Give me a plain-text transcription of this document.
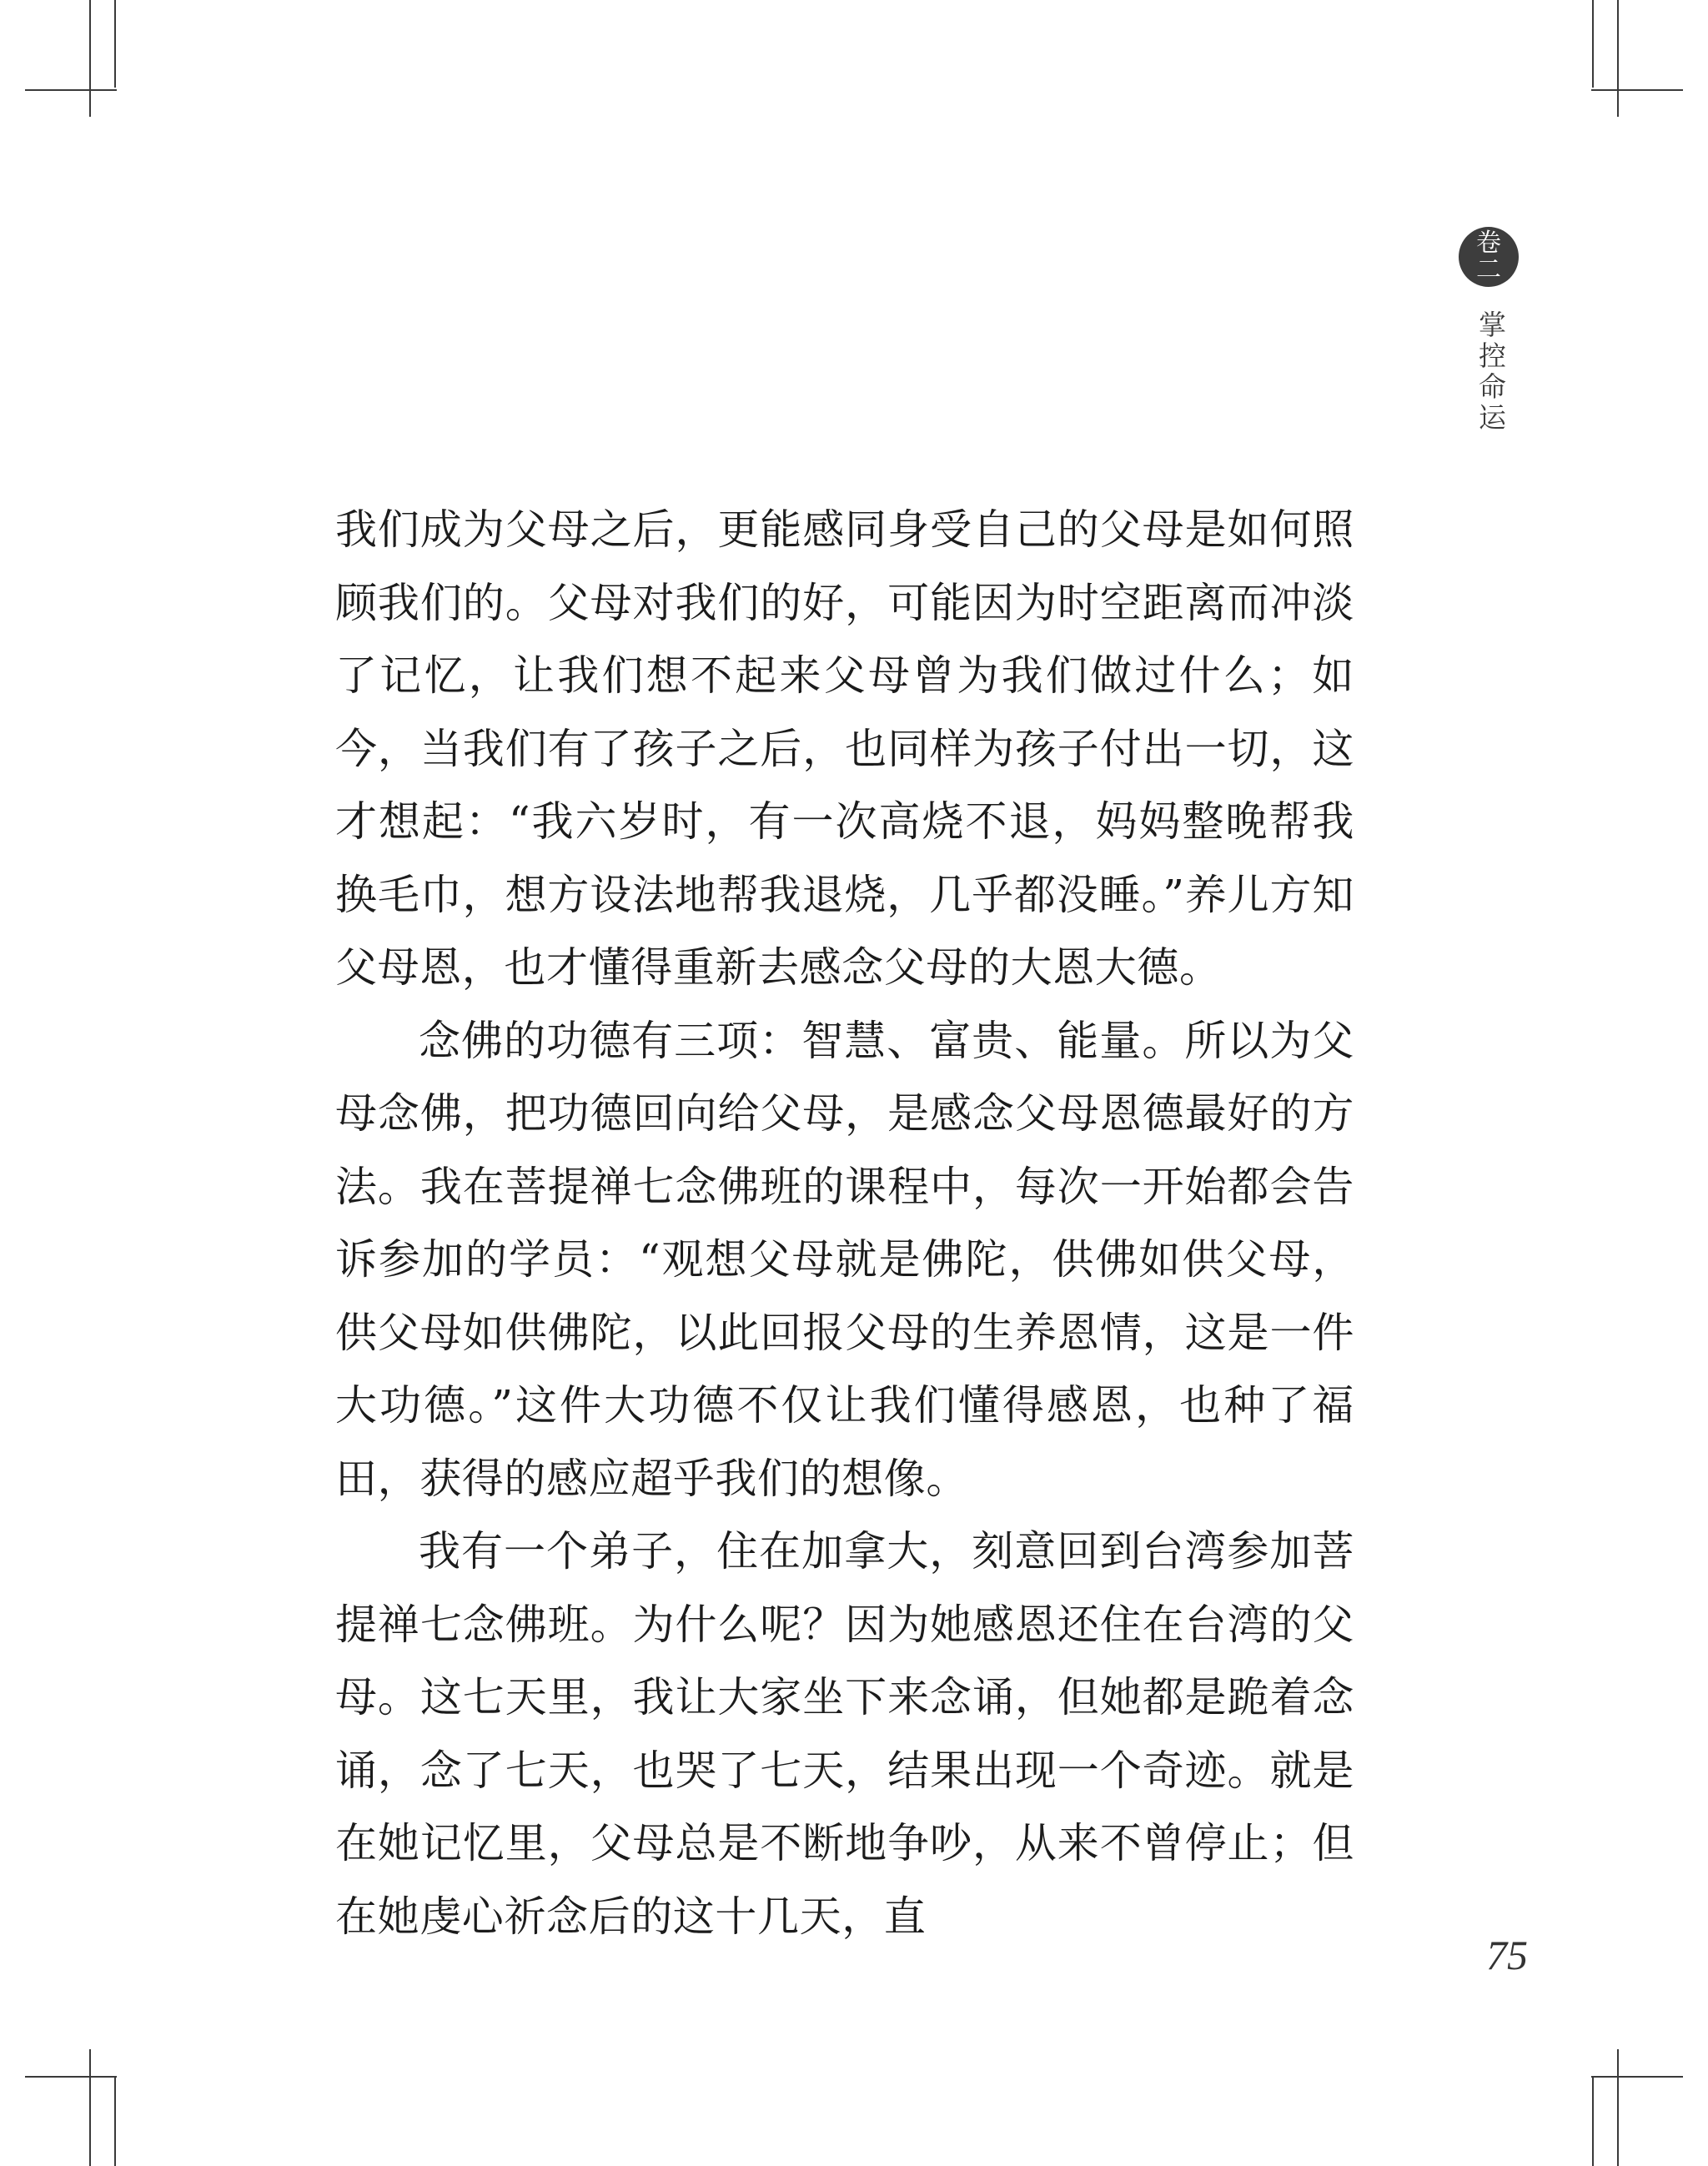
卷
二
掌控命运

我们成为父母之后，更能感同身受自己的父母是如何照顾我们的。父母对我们的好，可能因为时空距离而冲淡了记忆，让我们想不起来父母曾为我们做过什么；如今，当我们有了孩子之后，也同样为孩子付出一切，这才想起：“我六岁时，有一次高烧不退，妈妈整晚帮我换毛巾，想方设法地帮我退烧，几乎都没睡。”养儿方知父母恩，也才懂得重新去感念父母的大恩大德。

念佛的功德有三项：智慧、富贵、能量。所以为父母念佛，把功德回向给父母，是感念父母恩德最好的方法。我在菩提禅七念佛班的课程中，每次一开始都会告诉参加的学员：“观想父母就是佛陀，供佛如供父母，供父母如供佛陀，以此回报父母的生养恩情，这是一件大功德。”这件大功德不仅让我们懂得感恩，也种了福田，获得的感应超乎我们的想像。

我有一个弟子，住在加拿大，刻意回到台湾参加菩提禅七念佛班。为什么呢？因为她感恩还住在台湾的父母。这七天里，我让大家坐下来念诵，但她都是跪着念诵，念了七天，也哭了七天，结果出现一个奇迹。就是在她记忆里，父母总是不断地争吵，从来不曾停止；但在她虔心祈念后的这十几天，直

75
